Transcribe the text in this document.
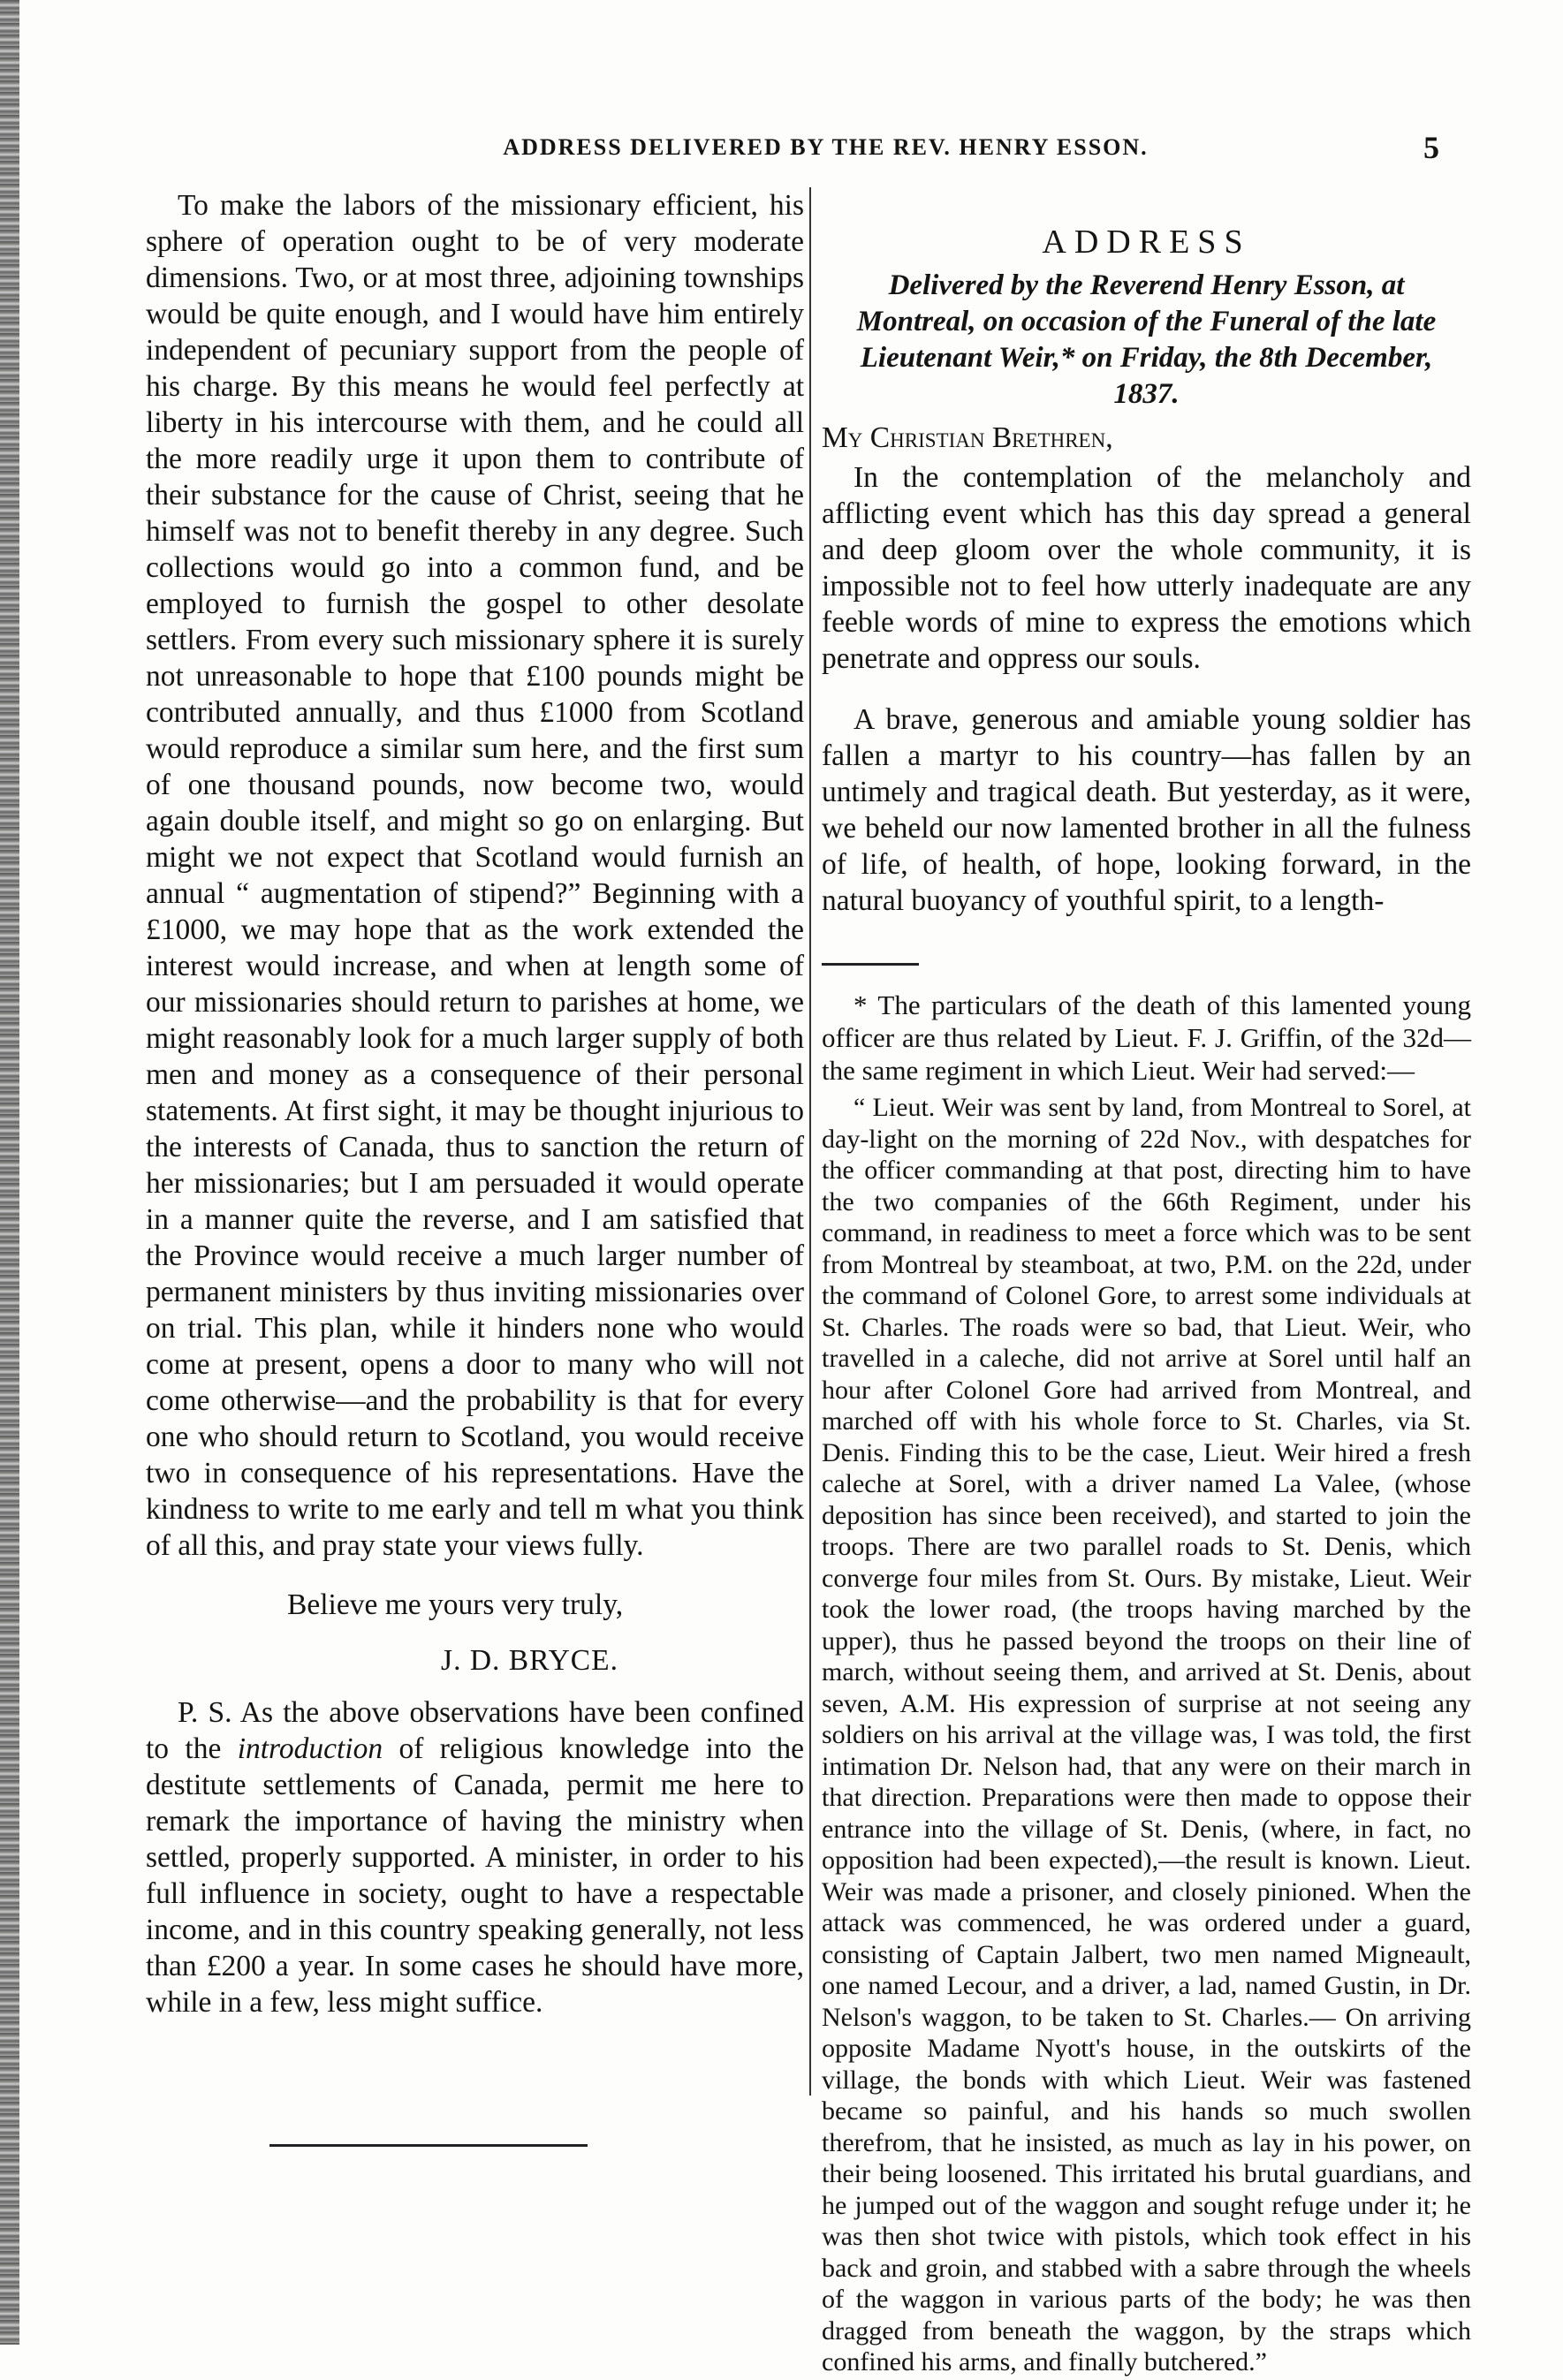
ADDRESS DELIVERED BY THE REV. HENRY ESSON.	5

To make the labors of the missionary efficient, his sphere of operation ought to be of very moderate dimensions. Two, or at most three, adjoining townships would be quite enough, and I would have him entirely independent of pecuniary support from the people of his charge. By this means he would feel perfectly at liberty in his intercourse with them, and he could all the more readily urge it upon them to contribute of their substance for the cause of Christ, seeing that he himself was not to benefit thereby in any degree. Such collections would go into a common fund, and be employed to furnish the gospel to other desolate settlers. From every such missionary sphere it is surely not unreasonable to hope that £100 pounds might be contributed annually, and thus £1000 from Scotland would reproduce a similar sum here, and the first sum of one thousand pounds, now become two, would again double itself, and might so go on enlarging. But might we not expect that Scotland would furnish an annual “ augmentation of stipend?” Beginning with a £1000, we may hope that as the work extended the interest would increase, and when at length some of our missionaries should return to parishes at home, we might reasonably look for a much larger supply of both men and money as a consequence of their personal statements. At first sight, it may be thought injurious to the interests of Canada, thus to sanction the return of her missionaries; but I am persuaded it would operate in a manner quite the reverse, and I am satisfied that the Province would receive a much larger number of permanent ministers by thus inviting missionaries over on trial. This plan, while it hinders none who would come at present, opens a door to many who will not come otherwise—and the probability is that for every one who should return to Scotland, you would receive two in consequence of his representations. Have the kindness to write to me early and tell m what you think of all this, and pray state your views fully.

Believe me yours very truly,

J. D. BRYCE.

P. S. As the above observations have been confined to the introduction of religious knowledge into the destitute settlements of Canada, permit me here to remark the importance of having the ministry when settled, properly supported. A minister, in order to his full influence in society, ought to have a respectable income, and in this country speaking generally, not less than £200 a year. In some cases he should have more, while in a few, less might suffice.

ADDRESS
Delivered by the Reverend Henry Esson, at Montreal, on occasion of the Funeral of the late Lieutenant Weir,* on Friday, the 8th December, 1837.

My Christian Brethren,

In the contemplation of the melancholy and afflicting event which has this day spread a general and deep gloom over the whole community, it is impossible not to feel how utterly inadequate are any feeble words of mine to express the emotions which penetrate and oppress our souls.

A brave, generous and amiable young soldier has fallen a martyr to his country—has fallen by an untimely and tragical death. But yesterday, as it were, we beheld our now lamented brother in all the fulness of life, of health, of hope, looking forward, in the natural buoyancy of youthful spirit, to a length-

* The particulars of the death of this lamented young officer are thus related by Lieut. F. J. Griffin, of the 32d—the same regiment in which Lieut. Weir had served:—

“ Lieut. Weir was sent by land, from Montreal to Sorel, at day-light on the morning of 22d Nov., with despatches for the officer commanding at that post, directing him to have the two companies of the 66th Regiment, under his command, in readiness to meet a force which was to be sent from Montreal by steamboat, at two, P.M. on the 22d, under the command of Colonel Gore, to arrest some individuals at St. Charles. The roads were so bad, that Lieut. Weir, who travelled in a caleche, did not arrive at Sorel until half an hour after Colonel Gore had arrived from Montreal, and marched off with his whole force to St. Charles, via St. Denis. Finding this to be the case, Lieut. Weir hired a fresh caleche at Sorel, with a driver named La Valee, (whose deposition has since been received), and started to join the troops. There are two parallel roads to St. Denis, which converge four miles from St. Ours. By mistake, Lieut. Weir took the lower road, (the troops having marched by the upper), thus he passed beyond the troops on their line of march, without seeing them, and arrived at St. Denis, about seven, A.M. His expression of surprise at not seeing any soldiers on his arrival at the village was, I was told, the first intimation Dr. Nelson had, that any were on their march in that direction. Preparations were then made to oppose their entrance into the village of St. Denis, (where, in fact, no opposition had been expected),—the result is known. Lieut. Weir was made a prisoner, and closely pinioned. When the attack was commenced, he was ordered under a guard, consisting of Captain Jalbert, two men named Migneault, one named Lecour, and a driver, a lad, named Gustin, in Dr. Nelson's waggon, to be taken to St. Charles.— On arriving opposite Madame Nyott's house, in the outskirts of the village, the bonds with which Lieut. Weir was fastened became so painful, and his hands so much swollen therefrom, that he insisted, as much as lay in his power, on their being loosened. This irritated his brutal guardians, and he jumped out of the waggon and sought refuge under it; he was then shot twice with pistols, which took effect in his back and groin, and stabbed with a sabre through the wheels of the waggon in various parts of the body; he was then dragged from beneath the waggon, by the straps which confined his arms, and finally butchered.”
